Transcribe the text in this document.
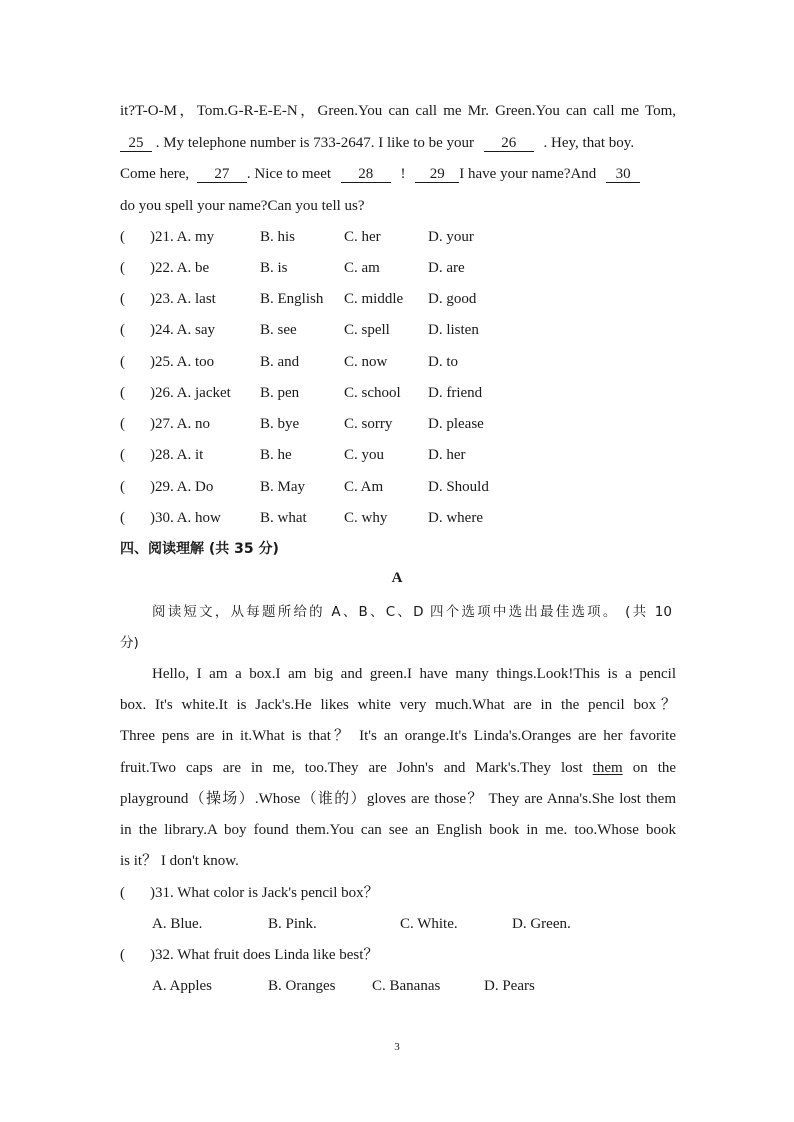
it?T-O-M，Tom.G-R-E-E-N，Green.You can call me Mr. Green.You can call me Tom,
25 . My telephone number is 733-2647. I like to be your 26 . Hey, that boy.
Come here, 27 . Nice to meet 28 ! 29 I have your name?And 30
do you spell your name?Can you tell us?
( )21. A. my	B. his	C. her	D. your
( )22. A. be	B. is	C. am	D. are
( )23. A. last	B. English C. middle D. good
( )24. A. say	B. see	C. spell	D. listen
( )25. A. too	B. and	C. now	D. to
( )26. A. jacket B. pen	C. school D. friend
( )27. A. no	B. bye	C. sorry D. please
( )28. A. it	B. he	C. you	D. her
( )29. A. Do	B. May	C. Am	D. Should
( )30. A. how	B. what C. why	D. where
四、阅读理解 (共 35 分)
A
阅读短文，从每题所给的 A、B、C、D 四个选项中选出最佳选项。 (共 10
分)
Hello, I am a box.I am big and green.I have many things.Look!This is a pencil
box. It's white.It is Jack's.He likes white very much.What are in the pencil box？
Three pens are in it.What is that？ It's an orange.It's Linda's.Oranges are her favorite
fruit.Two caps are in me, too.They are John's and Mark's.They lost them on the
playground（操场）.Whose（谁的）gloves are those？ They are Anna's.She lost them
in the library.A boy found them.You can see an English book in me. too.Whose book
is it？ I don't know.
( )31. What color is Jack's pencil box？
A. Blue.	B. Pink.	C. White.	D. Green.
( )32. What fruit does Linda like best？
A. Apples	B. Oranges C. Bananas	D. Pears
3
